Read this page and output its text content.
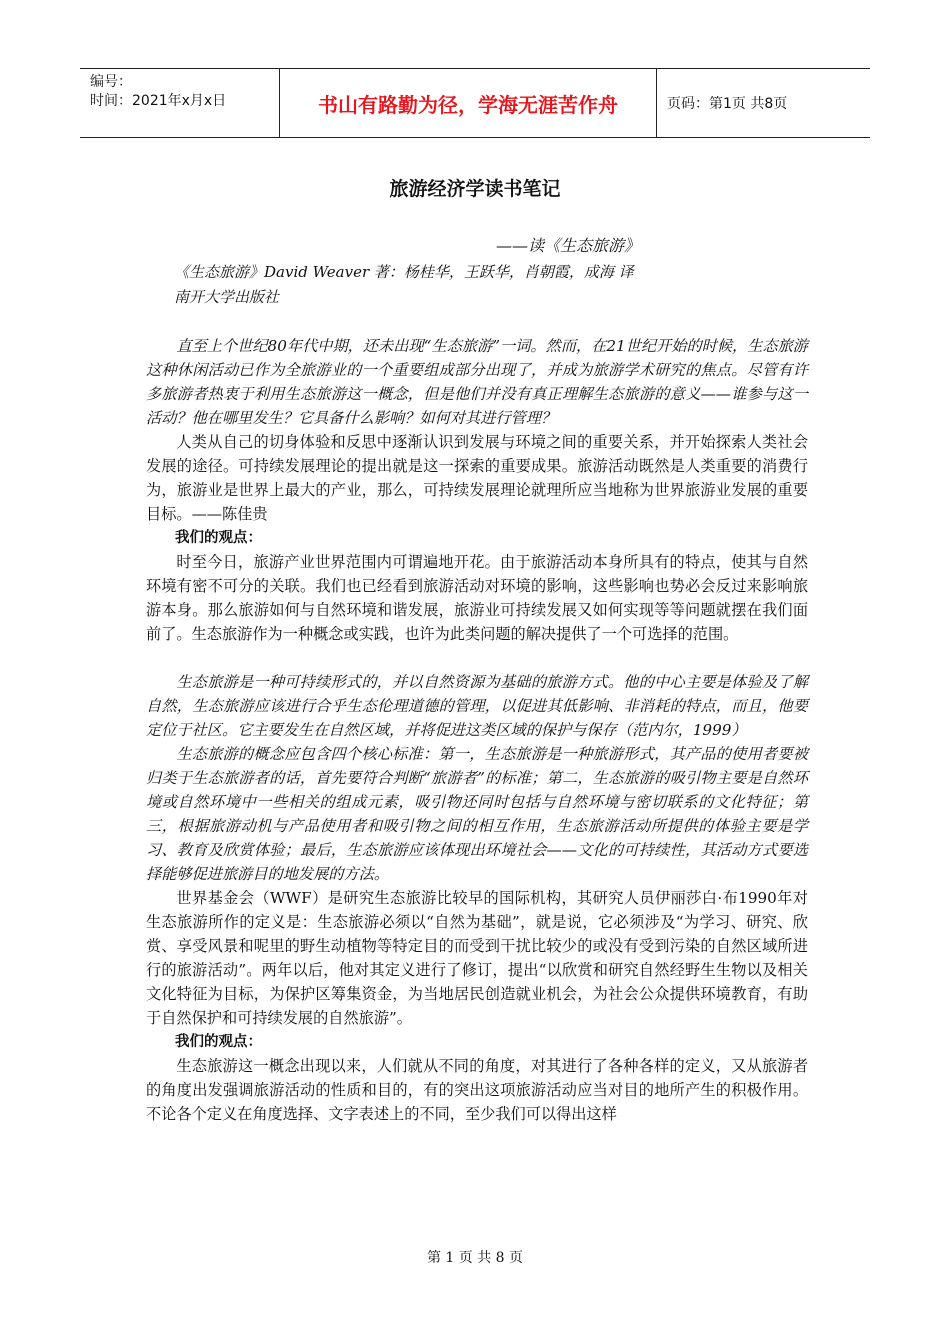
编号：
时间：2021年x月x日	书山有路勤为径，学海无涯苦作舟	页码：第1页 共8页
旅游经济学读书笔记
——读《生态旅游》
《生态旅游》David Weaver 著：杨桂华，王跃华，肖朝霞，成海 译
南开大学出版社

直至上个世纪80年代中期，还未出现“生态旅游”一词。然而，在21世纪开始的时候，生态旅游这种休闲活动已作为全旅游业的一个重要组成部分出现了，并成为旅游学术研究的焦点。尽管有许多旅游者热衷于利用生态旅游这一概念，但是他们并没有真正理解生态旅游的意义——谁参与这一活动？他在哪里发生？它具备什么影响？如何对其进行管理？

人类从自己的切身体验和反思中逐渐认识到发展与环境之间的重要关系，并开始探索人类社会发展的途径。可持续发展理论的提出就是这一探索的重要成果。旅游活动既然是人类重要的消费行为，旅游业是世界上最大的产业，那么，可持续发展理论就理所应当地称为世界旅游业发展的重要目标。——陈佳贵

我们的观点：

时至今日，旅游产业世界范围内可谓遍地开花。由于旅游活动本身所具有的特点，使其与自然环境有密不可分的关联。我们也已经看到旅游活动对环境的影响，这些影响也势必会反过来影响旅游本身。那么旅游如何与自然环境和谐发展，旅游业可持续发展又如何实现等等问题就摆在我们面前了。生态旅游作为一种概念或实践，也许为此类问题的解决提供了一个可选择的范围。

生态旅游是一种可持续形式的，并以自然资源为基础的旅游方式。他的中心主要是体验及了解自然，生态旅游应该进行合乎生态伦理道德的管理，以促进其低影响、非消耗的特点，而且，他要定位于社区。它主要发生在自然区域，并将促进这类区域的保护与保存（范内尔，1999）

生态旅游的概念应包含四个核心标准：第一，生态旅游是一种旅游形式，其产品的使用者要被归类于生态旅游者的话，首先要符合判断“旅游者”的标准；第二，生态旅游的吸引物主要是自然环境或自然环境中一些相关的组成元素，吸引物还同时包括与自然环境与密切联系的文化特征；第三，根据旅游动机与产品使用者和吸引物之间的相互作用，生态旅游活动所提供的体验主要是学习、教育及欣赏体验；最后，生态旅游应该体现出环境社会——文化的可持续性，其活动方式要选择能够促进旅游目的地发展的方法。

世界基金会（WWF）是研究生态旅游比较早的国际机构，其研究人员伊丽莎白·布1990年对生态旅游所作的定义是：生态旅游必须以“自然为基础”，就是说，它必须涉及“为学习、研究、欣赏、享受风景和呢里的野生动植物等特定目的而受到干扰比较少的或没有受到污染的自然区域所进行的旅游活动”。两年以后，他对其定义进行了修订，提出“以欣赏和研究自然经野生生物以及相关文化特征为目标，为保护区筹集资金，为当地居民创造就业机会，为社会公众提供环境教育，有助于自然保护和可持续发展的自然旅游”。

我们的观点：

生态旅游这一概念出现以来，人们就从不同的角度，对其进行了各种各样的定义，又从旅游者的角度出发强调旅游活动的性质和目的，有的突出这项旅游活动应当对目的地所产生的积极作用。不论各个定义在角度选择、文字表述上的不同，至少我们可以得出这样

第 1 页 共 8 页
